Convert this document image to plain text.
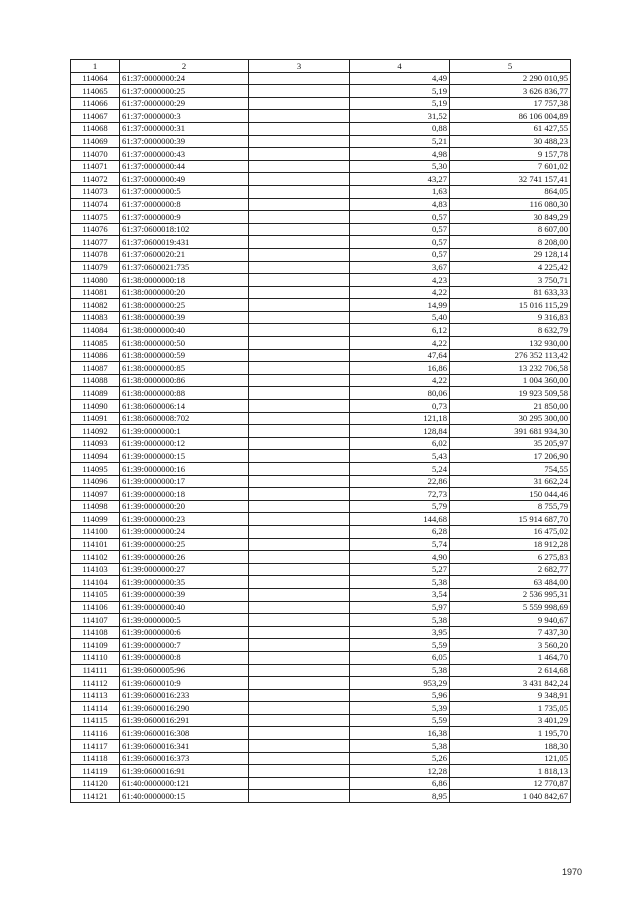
1	2	3	4	5
114064	61:37:0000000:24		4,49	2 290 010,95
114065	61:37:0000000:25		5,19	3 626 836,77
114066	61:37:0000000:29		5,19	17 757,38
114067	61:37:0000000:3		31,52	86 106 004,89
114068	61:37:0000000:31		0,88	61 427,55
114069	61:37:0000000:39		5,21	30 488,23
114070	61:37:0000000:43		4,98	9 157,78
114071	61:37:0000000:44		5,30	7 601,02
114072	61:37:0000000:49		43,27	32 741 157,41
114073	61:37:0000000:5		1,63	864,05
114074	61:37:0000000:8		4,83	116 080,30
114075	61:37:0000000:9		0,57	30 849,29
114076	61:37:0600018:102		0,57	8 607,00
114077	61:37:0600019:431		0,57	8 208,00
114078	61:37:0600020:21		0,57	29 128,14
114079	61:37:0600021:735		3,67	4 225,42
114080	61:38:0000000:18		4,23	3 750,71
114081	61:38:0000000:20		4,22	81 633,33
114082	61:38:0000000:25		14,99	15 016 115,29
114083	61:38:0000000:39		5,40	9 316,83
114084	61:38:0000000:40		6,12	8 632,79
114085	61:38:0000000:50		4,22	132 930,00
114086	61:38:0000000:59		47,64	276 352 113,42
114087	61:38:0000000:85		16,86	13 232 706,58
114088	61:38:0000000:86		4,22	1 004 360,00
114089	61:38:0000000:88		80,06	19 923 509,58
114090	61:38:0600006:14		0,73	21 850,00
114091	61:38:0600008:702		121,18	30 295 300,00
114092	61:39:0000000:1		128,84	391 681 934,30
114093	61:39:0000000:12		6,02	35 205,97
114094	61:39:0000000:15		5,43	17 206,90
114095	61:39:0000000:16		5,24	754,55
114096	61:39:0000000:17		22,86	31 662,24
114097	61:39:0000000:18		72,73	150 044,46
114098	61:39:0000000:20		5,79	8 755,79
114099	61:39:0000000:23		144,68	15 914 687,70
114100	61:39:0000000:24		6,28	16 475,02
114101	61:39:0000000:25		5,74	18 912,28
114102	61:39:0000000:26		4,90	6 275,83
114103	61:39:0000000:27		5,27	2 682,77
114104	61:39:0000000:35		5,38	63 484,00
114105	61:39:0000000:39		3,54	2 536 995,31
114106	61:39:0000000:40		5,97	5 559 998,69
114107	61:39:0000000:5		5,38	9 940,67
114108	61:39:0000000:6		3,95	7 437,30
114109	61:39:0000000:7		5,59	3 560,20
114110	61:39:0000000:8		6,05	1 464,70
114111	61:39:0600005:96		5,38	2 614,68
114112	61:39:0600010:9		953,29	3 431 842,24
114113	61:39:0600016:233		5,96	9 348,91
114114	61:39:0600016:290		5,39	1 735,05
114115	61:39:0600016:291		5,59	3 401,29
114116	61:39:0600016:308		16,38	1 195,70
114117	61:39:0600016:341		5,38	188,30
114118	61:39:0600016:373		5,26	121,05
114119	61:39:0600016:91		12,28	1 818,13
114120	61:40:0000000:121		6,86	12 770,87
114121	61:40:0000000:15		8,95	1 040 842,67
1970
